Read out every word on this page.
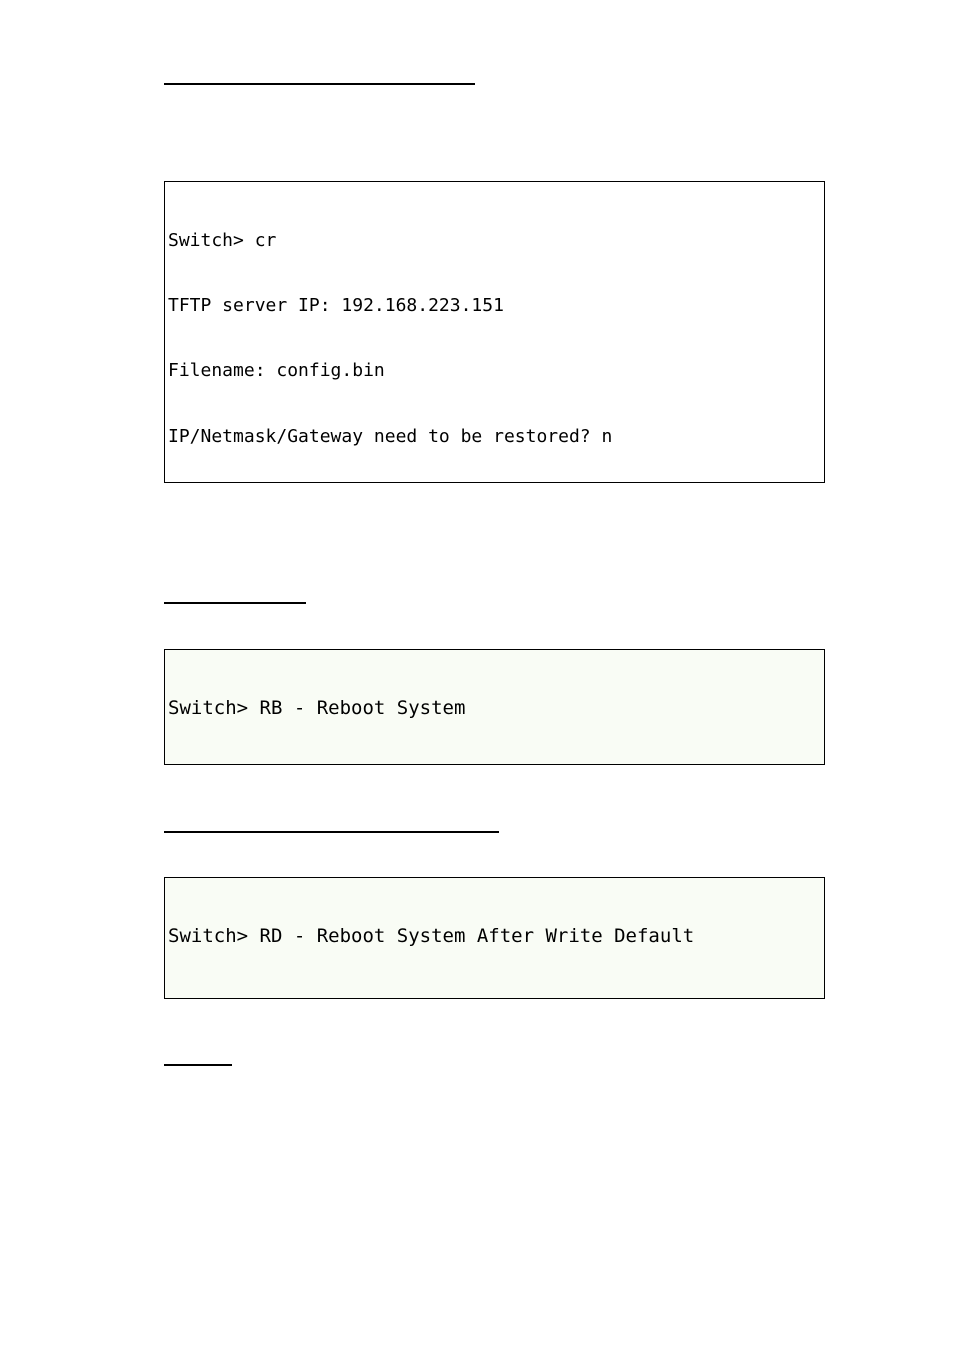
Switch> cr

TFTP server IP: 192.168.223.151

Filename: config.bin

IP/Netmask/Gateway need to be restored? n

Switch> RB - Reboot System

Switch> RD - Reboot System After Write Default
